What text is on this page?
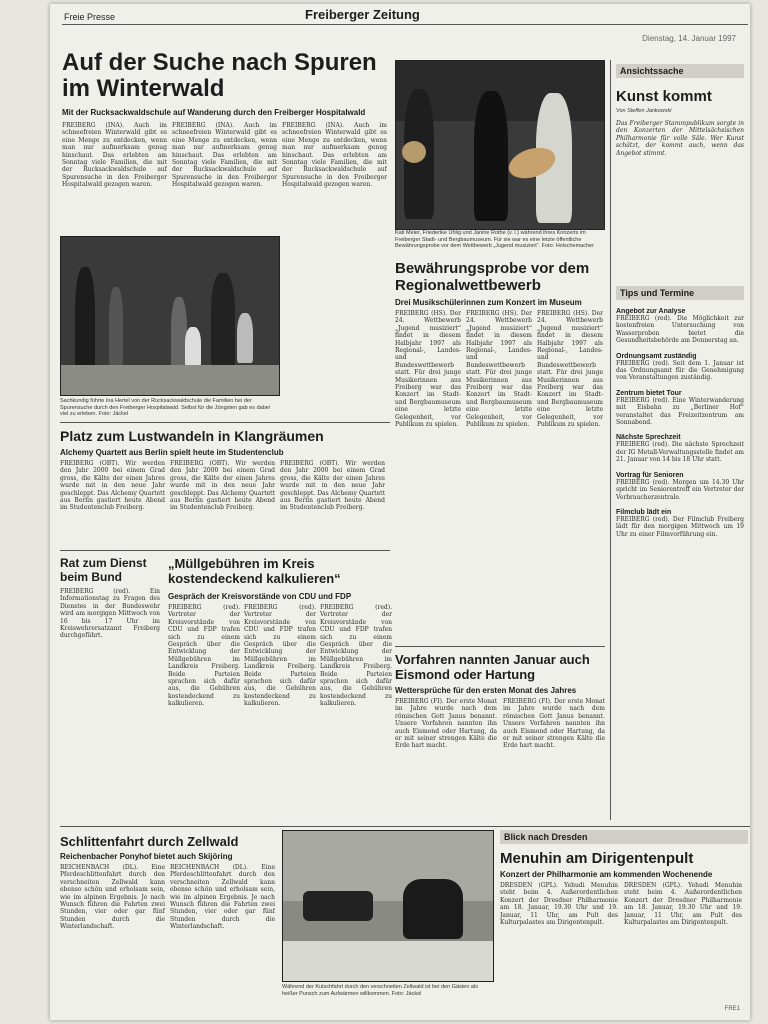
Freie Presse	Freiberger Zeitung
Dienstag, 14. Januar 1997
Auf der Suche nach Spuren im Winterwald
Mit der Rucksackwaldschule auf Wanderung durch den Freiberger Hospitalwald
FREIBERG (INA). Auch im schneefreien Winterwald gibt es eine Menge zu entdecken, wenn man nur aufmerksam genug hinschaut. Das erlebten am Sonntag viele Familien, die mit der Rucksackwaldschule auf Spurensuche in den Freiberger Hospitalwald gezogen waren.
FREIBERG (INA). Auch im schneefreien Winterwald gibt es eine Menge zu entdecken, wenn man nur aufmerksam genug hinschaut. Das erlebten am Sonntag viele Familien, die mit der Rucksackwaldschule auf Spurensuche in den Freiberger Hospitalwald gezogen waren.
FREIBERG (INA). Auch im schneefreien Winterwald gibt es eine Menge zu entdecken, wenn man nur aufmerksam genug hinschaut. Das erlebten am Sonntag viele Familien, die mit der Rucksackwaldschule auf Spurensuche in den Freiberger Hospitalwald gezogen waren.
Sachkundig führte Ina Hertel von der Rucksackwaldschule die Familien bei der Spurensuche durch den Freiberger Hospitalwald. Selbst für die Jüngsten gab es dabei viel zu erleben. Foto: Jäckel
Kati Meier, Friederike Uhlig und Janine Rothe (v. l.) während ihres Konzerts im Freiberger Stadt- und Bergbaumuseum. Für sie war es eine letzte öffentliche Bewährungsprobe vor dem Wettbewerb „Jugend musiziert“. Foto: Holschemacher
Bewährungsprobe vor dem Regionalwettbewerb
Drei Musikschülerinnen zum Konzert im Museum
FREIBERG (HS). Der 24. Wettbewerb „Jugend musiziert“ findet in diesem Halbjahr 1997 als Regional-, Landes- und Bundeswettbewerb statt. Für drei junge Musikerinnen aus Freiberg war das Konzert im Stadt- und Bergbaumuseum eine letzte Gelegenheit, vor Publikum zu spielen.
FREIBERG (HS). Der 24. Wettbewerb „Jugend musiziert“ findet in diesem Halbjahr 1997 als Regional-, Landes- und Bundeswettbewerb statt. Für drei junge Musikerinnen aus Freiberg war das Konzert im Stadt- und Bergbaumuseum eine letzte Gelegenheit, vor Publikum zu spielen.
FREIBERG (HS). Der 24. Wettbewerb „Jugend musiziert“ findet in diesem Halbjahr 1997 als Regional-, Landes- und Bundeswettbewerb statt. Für drei junge Musikerinnen aus Freiberg war das Konzert im Stadt- und Bergbaumuseum eine letzte Gelegenheit, vor Publikum zu spielen.
Platz zum Lustwandeln in Klangräumen
Alchemy Quartett aus Berlin spielt heute im Studentenclub
FREIBERG (OBT). Wir werden den Jahr 2000 bei einem Grad gross, die Kälte der einen Jahres wurde mit in den neue Jahr geschleppt. Das Alchemy Quartett aus Berlin gastiert heute Abend im Studentenclub Freiberg.
FREIBERG (OBT). Wir werden den Jahr 2000 bei einem Grad gross, die Kälte der einen Jahres wurde mit in den neue Jahr geschleppt. Das Alchemy Quartett aus Berlin gastiert heute Abend im Studentenclub Freiberg.
FREIBERG (OBT). Wir werden den Jahr 2000 bei einem Grad gross, die Kälte der einen Jahres wurde mit in den neue Jahr geschleppt. Das Alchemy Quartett aus Berlin gastiert heute Abend im Studentenclub Freiberg.
Rat zum Dienst beim Bund
FREIBERG (red). Ein Informationstag zu Fragen des Dienstes in der Bundeswehr wird am morgigen Mittwoch von 16 bis 17 Uhr im Kreiswehrersatzamt Freiberg durchgeführt.
„Müllgebühren im Kreis kostendeckend kalkulieren“
Gespräch der Kreisvorstände von CDU und FDP
FREIBERG (red). Vertreter der Kreisvorstände von CDU und FDP trafen sich zu einem Gespräch über die Entwicklung der Müllgebühren im Landkreis Freiberg. Beide Parteien sprachen sich dafür aus, die Gebühren kostendeckend zu kalkulieren.
FREIBERG (red). Vertreter der Kreisvorstände von CDU und FDP trafen sich zu einem Gespräch über die Entwicklung der Müllgebühren im Landkreis Freiberg. Beide Parteien sprachen sich dafür aus, die Gebühren kostendeckend zu kalkulieren.
FREIBERG (red). Vertreter der Kreisvorstände von CDU und FDP trafen sich zu einem Gespräch über die Entwicklung der Müllgebühren im Landkreis Freiberg. Beide Parteien sprachen sich dafür aus, die Gebühren kostendeckend zu kalkulieren.
Vorfahren nannten Januar auch Eismond oder Hartung
Wettersprüche für den ersten Monat des Jahres
FREIBERG (FI). Der erste Monat im Jahre wurde nach dem römischen Gott Janus benannt. Unsere Vorfahren nannten ihn auch Eismond oder Hartung, da er mit seiner strengen Kälte die Erde hart macht.
FREIBERG (FI). Der erste Monat im Jahre wurde nach dem römischen Gott Janus benannt. Unsere Vorfahren nannten ihn auch Eismond oder Hartung, da er mit seiner strengen Kälte die Erde hart macht.
Schlittenfahrt durch Zellwald
Reichenbacher Ponyhof bietet auch Skijöring
REICHENBACH (DL). Eine Pferdeschlittenfahrt durch den verschneiten Zellwald kann ebenso schön und erholsam sein, wie im alpinen Ergebnis. Je nach Wunsch führen die Fahrten zwei Stunden, vier oder gar fünf Stunden durch die Winterlandschaft.
REICHENBACH (DL). Eine Pferdeschlittenfahrt durch den verschneiten Zellwald kann ebenso schön und erholsam sein, wie im alpinen Ergebnis. Je nach Wunsch führen die Fahrten zwei Stunden, vier oder gar fünf Stunden durch die Winterlandschaft.
Während der Kutschfahrt durch den verschneiten Zellwald ist bei den Gästen als heißer Punsch zum Aufwärmen willkommen. Foto: Jäckel
Blick nach Dresden
Menuhin am Dirigentenpult
Konzert der Philharmonie am kommenden Wochenende
DRESDEN (GPL). Yehudi Menuhin steht beim 4. Außerordentlichen Konzert der Dresdner Philharmonie am 18. Januar, 19.30 Uhr und 19. Januar, 11 Uhr, am Pult des Kulturpalastes am Dirigentenpult.
DRESDEN (GPL). Yehudi Menuhin steht beim 4. Außerordentlichen Konzert der Dresdner Philharmonie am 18. Januar, 19.30 Uhr und 19. Januar, 11 Uhr, am Pult des Kulturpalastes am Dirigentenpult.
Ansichtssache
Kunst kommt
Von Steffen Jankowski
Das Freiberger Stammpublikum sorgte in den Konzerten der Mittelsächsischen Philharmonie für volle Säle. Wer Kunst schätzt, der kommt auch, wenn das Angebot stimmt.
Tips und Termine
Angebot zur Analyse
FREIBERG (red). Die Möglichkeit zur kostenfreien Untersuchung von Wasserproben bietet die Gesundheitsbehörde am Donnerstag an.
Ordnungsamt zuständig
FREIBERG (red). Seit dem 1. Januar ist das Ordnungsamt für die Genehmigung von Veranstaltungen zuständig.
Zentrum bietet Tour
FREIBERG (red). Eine Winterwanderung mit Eisbahn zu „Berliner Hof“ veranstaltet das Freizeitzentrum am Sonnabend.
Nächste Sprechzeit
FREIBERG (red). Die nächste Sprechzeit der IG Metall-Verwaltungsstelle findet am 21. Januar von 14 bis 18 Uhr statt.
Vortrag für Senioren
FREIBERG (red). Morgen um 14.30 Uhr spricht im Seniorentreff ein Vertreter der Verbraucherzentrale.
Filmclub lädt ein
FREIBERG (red). Der Filmclub Freiberg lädt für den morgigen Mittwoch um 19 Uhr zu einer Filmvorführung ein.
FRE1
